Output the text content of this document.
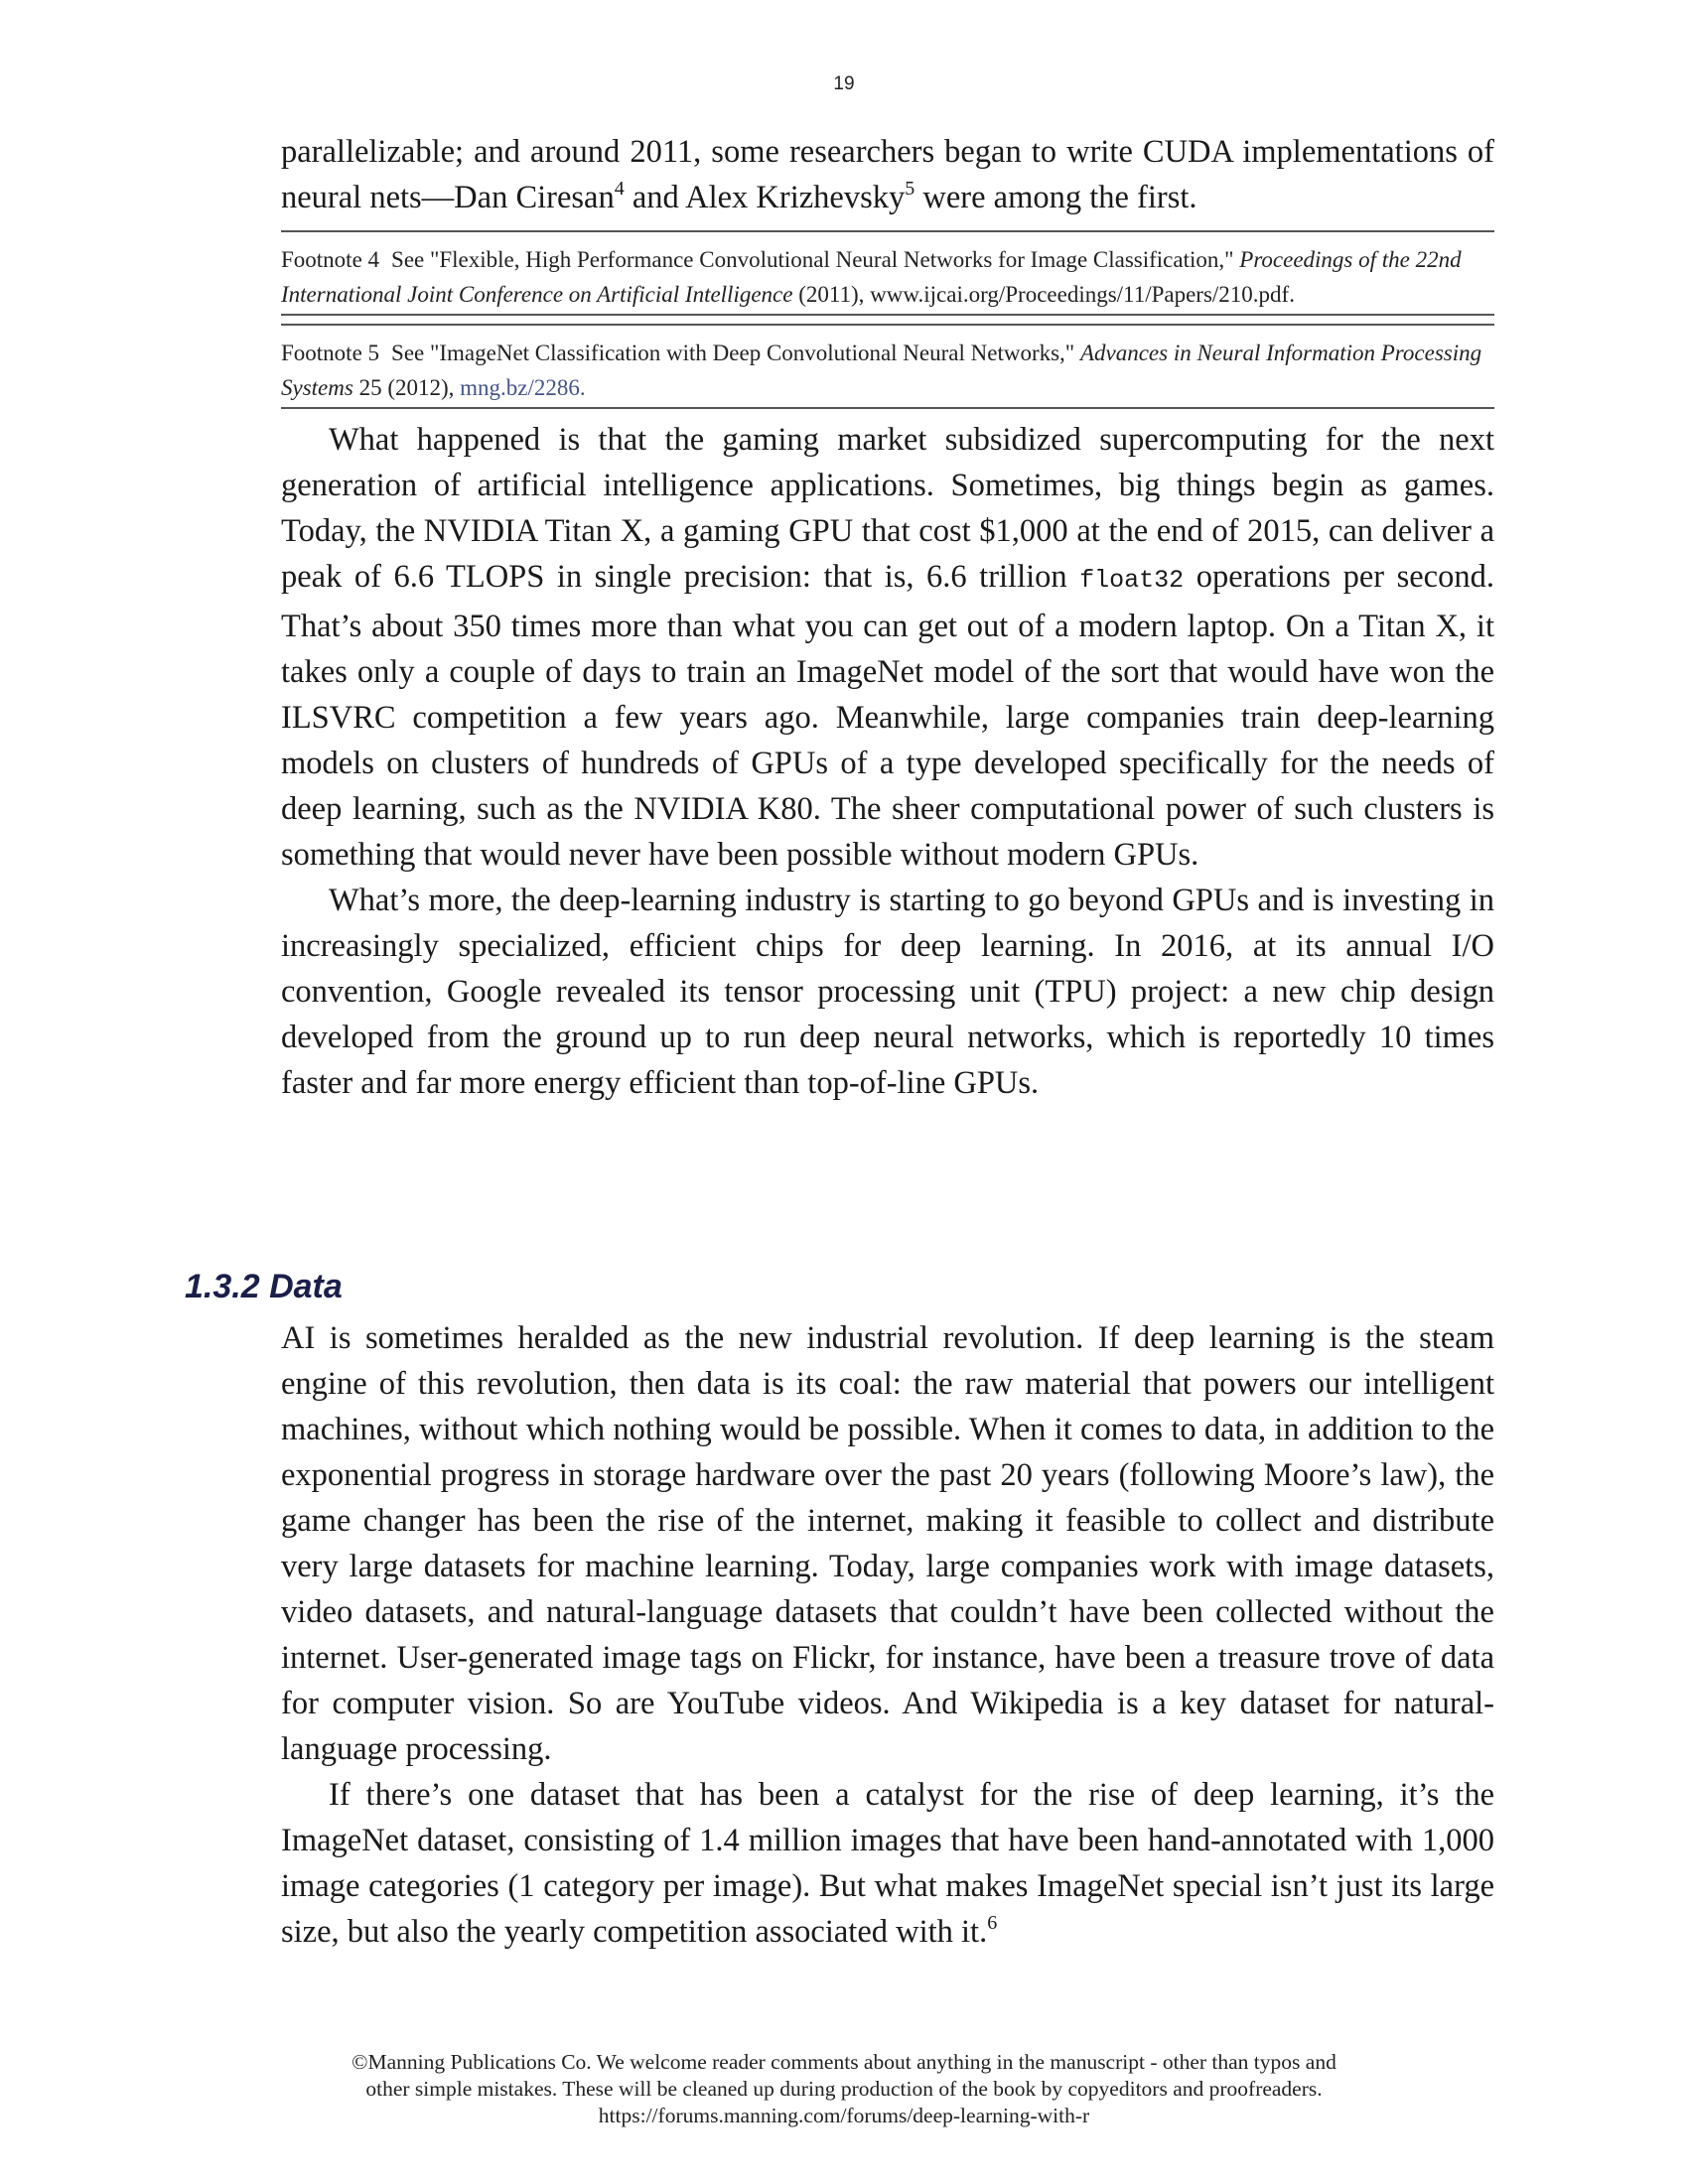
19

parallelizable; and around 2011, some researchers began to write CUDA implementations of neural nets—Dan Ciresan$^4$ and Alex Krizhevsky$^5$ were among the first.

Footnote 4 See "Flexible, High Performance Convolutional Neural Networks for Image Classification," Proceedings of the 22nd International Joint Conference on Artificial Intelligence (2011), www.ijcai.org/Proceedings/11/Papers/210.pdf.
Footnote 5 See "ImageNet Classification with Deep Convolutional Neural Networks," Advances in Neural Information Processing Systems 25 (2012), mng.bz/2286.

What happened is that the gaming market subsidized supercomputing for the next generation of artificial intelligence applications. Sometimes, big things begin as games. Today, the NVIDIA Titan X, a gaming GPU that cost $1,000 at the end of 2015, can deliver a peak of 6.6 TLOPS in single precision: that is, 6.6 trillion float32 operations per second. That’s about 350 times more than what you can get out of a modern laptop. On a Titan X, it takes only a couple of days to train an ImageNet model of the sort that would have won the ILSVRC competition a few years ago. Meanwhile, large companies train deep-learning models on clusters of hundreds of GPUs of a type developed specifically for the needs of deep learning, such as the NVIDIA K80. The sheer computational power of such clusters is something that would never have been possible without modern GPUs.

What’s more, the deep-learning industry is starting to go beyond GPUs and is investing in increasingly specialized, efficient chips for deep learning. In 2016, at its annual I/O convention, Google revealed its tensor processing unit (TPU) project: a new chip design developed from the ground up to run deep neural networks, which is reportedly 10 times faster and far more energy efficient than top-of-line GPUs.

1.3.2 Data

AI is sometimes heralded as the new industrial revolution. If deep learning is the steam engine of this revolution, then data is its coal: the raw material that powers our intelligent machines, without which nothing would be possible. When it comes to data, in addition to the exponential progress in storage hardware over the past 20 years (following Moore’s law), the game changer has been the rise of the internet, making it feasible to collect and distribute very large datasets for machine learning. Today, large companies work with image datasets, video datasets, and natural-language datasets that couldn’t have been collected without the internet. User-generated image tags on Flickr, for instance, have been a treasure trove of data for computer vision. So are YouTube videos. And Wikipedia is a key dataset for natural-language processing.

If there’s one dataset that has been a catalyst for the rise of deep learning, it’s the ImageNet dataset, consisting of 1.4 million images that have been hand-annotated with 1,000 image categories (1 category per image). But what makes ImageNet special isn’t just its large size, but also the yearly competition associated with it.$^6$

©Manning Publications Co. We welcome reader comments about anything in the manuscript - other than typos and
other simple mistakes. These will be cleaned up during production of the book by copyeditors and proofreaders.
https://forums.manning.com/forums/deep-learning-with-r
